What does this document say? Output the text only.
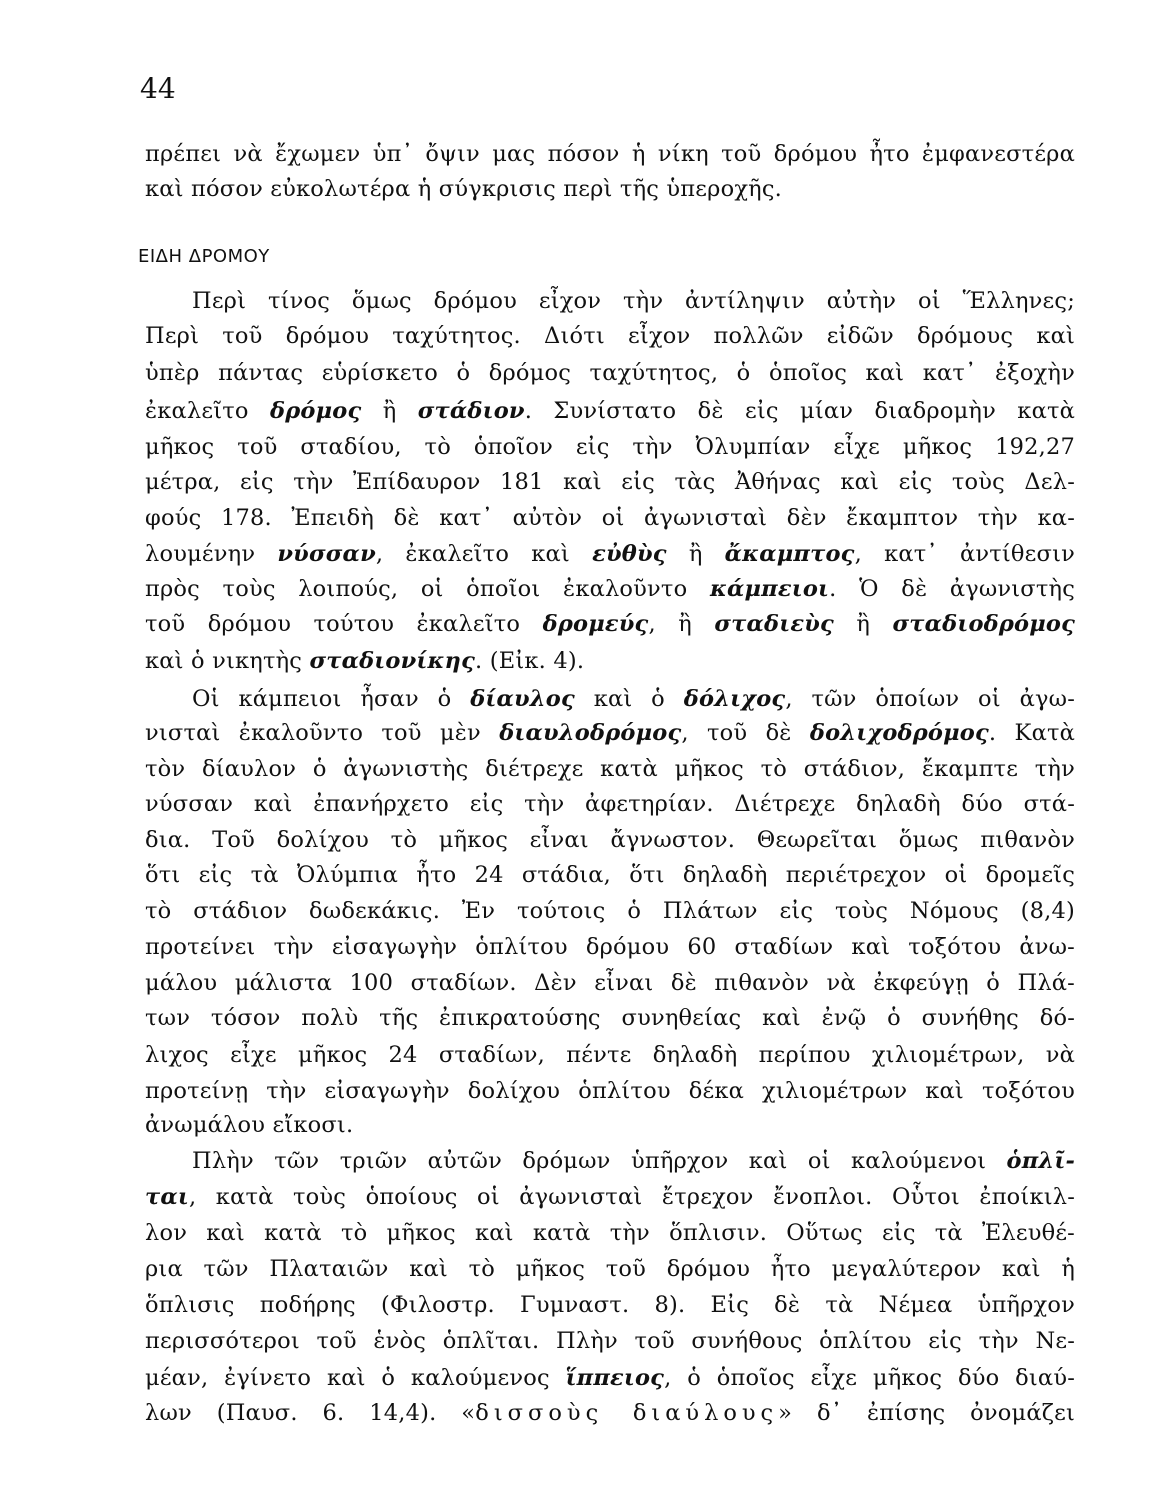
44
ΕΙΔΗ ΔΡΟΜΟΥ
πρέπει νὰ ἔχωμεν ὑπ᾽ ὄψιν μας πόσον ἡ νίκη τοῦ δρόμου ἦτο ἐμφανεστέρα
καὶ πόσον εὐκολωτέρα ἡ σύγκρισις περὶ τῆς ὑπεροχῆς.
Περὶ τίνος ὅμως δρόμου εἶχον τὴν ἀντίληψιν αὐτὴν οἱ Ἕλληνες;
Περὶ τοῦ δρόμου ταχύτητος. Διότι εἶχον πολλῶν εἰδῶν δρόμους καὶ
ὑπὲρ πάντας εὑρίσκετο ὁ δρόμος ταχύτητος, ὁ ὁποῖος καὶ κατ᾽ ἐξοχὴν
ἐκαλεῖτο δρόμος ἢ στάδιον. Συνίστατο δὲ εἰς μίαν διαδρομὴν κατὰ
μῆκος τοῦ σταδίου, τὸ ὁποῖον εἰς τὴν Ὀλυμπίαν εἶχε μῆκος 192,27
μέτρα, εἰς τὴν Ἐπίδαυρον 181 καὶ εἰς τὰς Ἀθήνας καὶ εἰς τοὺς Δελ-
φούς 178. Ἐπειδὴ δὲ κατ᾽ αὐτὸν οἱ ἀγωνισταὶ δὲν ἔκαμπτον τὴν κα-
λουμένην νύσσαν, ἐκαλεῖτο καὶ εὐθὺς ἢ ἄκαμπτος, κατ᾽ ἀντίθεσιν
πρὸς τοὺς λοιπούς, οἱ ὁποῖοι ἐκαλοῦντο κάμπειοι. Ὁ δὲ ἀγωνιστὴς
τοῦ δρόμου τούτου ἐκαλεῖτο δρομεύς, ἢ σταδιεὺς ἢ σταδιοδρόμος
καὶ ὁ νικητὴς σταδιονίκης. (Εἰκ. 4).
Οἱ κάμπειοι ἦσαν ὁ δίαυλος καὶ ὁ δόλιχος, τῶν ὁποίων οἱ ἀγω-
νισταὶ ἐκαλοῦντο τοῦ μὲν διαυλοδρόμος, τοῦ δὲ δολιχοδρόμος. Κατὰ
τὸν δίαυλον ὁ ἀγωνιστὴς διέτρεχε κατὰ μῆκος τὸ στάδιον, ἔκαμπτε τὴν
νύσσαν καὶ ἐπανήρχετο εἰς τὴν ἀφετηρίαν. Διέτρεχε δηλαδὴ δύο στά-
δια. Τοῦ δολίχου τὸ μῆκος εἶναι ἄγνωστον. Θεωρεῖται ὅμως πιθανὸν
ὅτι εἰς τὰ Ὀλύμπια ἦτο 24 στάδια, ὅτι δηλαδὴ περιέτρεχον οἱ δρομεῖς
τὸ στάδιον δωδεκάκις. Ἐν τούτοις ὁ Πλάτων εἰς τοὺς Νόμους (8,4)
προτείνει τὴν εἰσαγωγὴν ὁπλίτου δρόμου 60 σταδίων καὶ τοξότου ἀνω-
μάλου μάλιστα 100 σταδίων. Δὲν εἶναι δὲ πιθανὸν νὰ ἐκφεύγῃ ὁ Πλά-
των τόσον πολὺ τῆς ἐπικρατούσης συνηθείας καὶ ἐνῷ ὁ συνήθης δό-
λιχος εἶχε μῆκος 24 σταδίων, πέντε δηλαδὴ περίπου χιλιομέτρων, νὰ
προτείνῃ τὴν εἰσαγωγὴν δολίχου ὁπλίτου δέκα χιλιομέτρων καὶ τοξότου
ἀνωμάλου εἴκοσι.
Πλὴν τῶν τριῶν αὐτῶν δρόμων ὑπῆρχον καὶ οἱ καλούμενοι ὁπλῖ-
ται, κατὰ τοὺς ὁποίους οἱ ἀγωνισταὶ ἔτρεχον ἔνοπλοι. Οὗτοι ἐποίκιλ-
λον καὶ κατὰ τὸ μῆκος καὶ κατὰ τὴν ὅπλισιν. Οὕτως εἰς τὰ Ἐλευθέ-
ρια τῶν Πλαταιῶν καὶ τὸ μῆκος τοῦ δρόμου ἦτο μεγαλύτερον καὶ ἡ
ὅπλισις ποδήρης (Φιλοστρ. Γυμναστ. 8). Εἰς δὲ τὰ Νέμεα ὑπῆρχον
περισσότεροι τοῦ ἑνὸς ὁπλῖται. Πλὴν τοῦ συνήθους ὁπλίτου εἰς τὴν Νε-
μέαν, ἐγίνετο καὶ ὁ καλούμενος ἵππειος, ὁ ὁποῖος εἶχε μῆκος δύο διαύ-
λων (Παυσ. 6. 14,4). «δισσοὺς διαύλους» δ᾽ ἐπίσης ὀνομάζει
